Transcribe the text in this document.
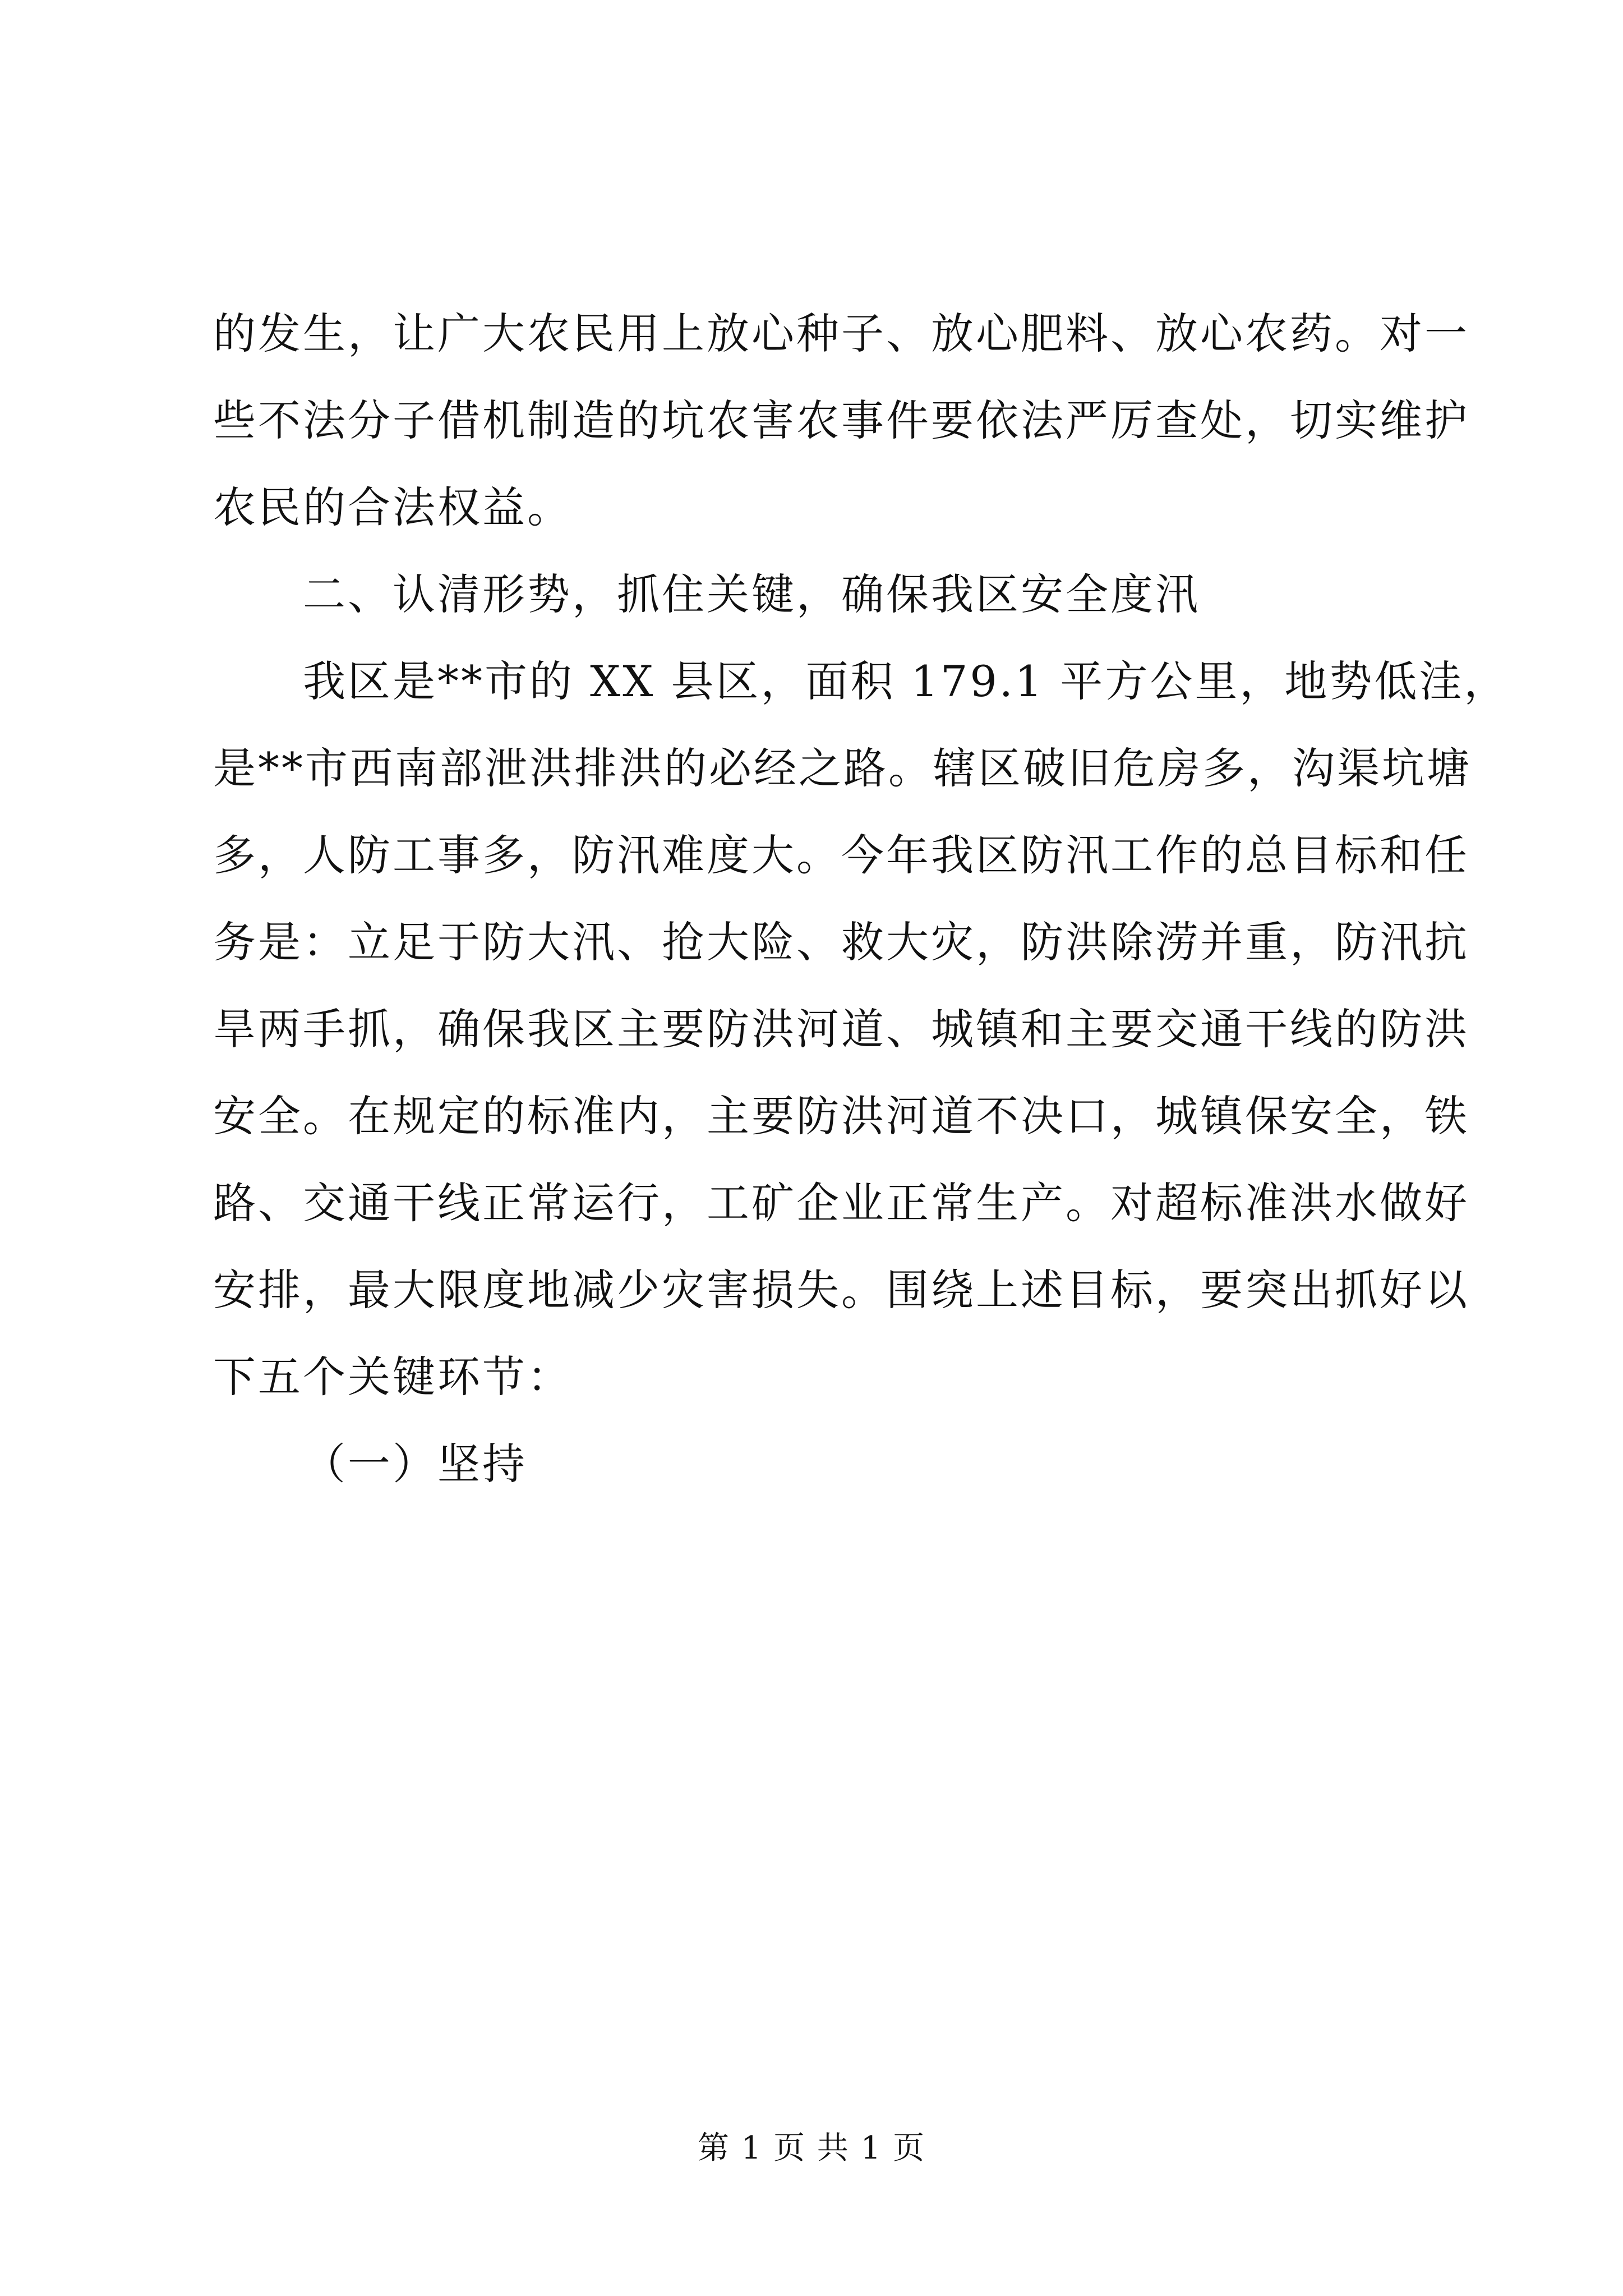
的发生，让广大农民用上放心种子、放心肥料、放心农药。对一
些不法分子借机制造的坑农害农事件要依法严厉查处，切实维护
农民的合法权益。
二、认清形势，抓住关键，确保我区安全度汛
我区是**市的 XX 县区，面积 179.1 平方公里，地势低洼，
是**市西南部泄洪排洪的必经之路。辖区破旧危房多，沟渠坑塘
多，人防工事多，防汛难度大。今年我区防汛工作的总目标和任
务是：立足于防大汛、抢大险、救大灾，防洪除涝并重，防汛抗
旱两手抓，确保我区主要防洪河道、城镇和主要交通干线的防洪
安全。在规定的标准内，主要防洪河道不决口，城镇保安全，铁
路、交通干线正常运行，工矿企业正常生产。对超标准洪水做好
安排，最大限度地减少灾害损失。围绕上述目标，要突出抓好以
下五个关键环节：
（一）坚持
第 1 页 共 1 页
